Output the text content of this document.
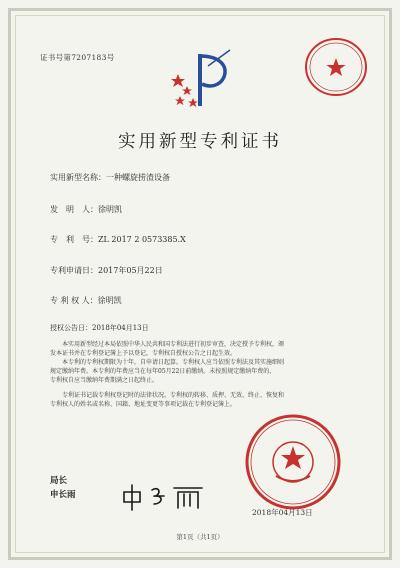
证书号第7207183号
实用新型专利证书
实用新型名称：一种螺旋捞渣设备
发　明　人：徐明凯
专　利　号：ZL 2017 2 0573385.X
专利申请日：2017年05月22日
专 利 权 人：徐明凯
授权公告日：2018年04月13日
本实用新型经过本局依照中华人民共和国专利法进行初步审查，决定授予专利权，颁
发本证书并在专利登记簿上予以登记，专利权自授权公告之日起生效。
本专利的专利权期限为十年，自申请日起算。专利权人应当依照专利法及其实施细则
规定缴纳年费。本专利的年费应当在每年05月22日前缴纳。未按照规定缴纳年费的，
专利权自应当缴纳年费期满之日起终止。
专利证书记载专利权登记时的法律状况。专利权的转移、质押、无效、终止、恢复和
专利权人的姓名或名称、国籍、地址变更等事项记载在专利登记簿上。
局长
申长雨
2018年04月13日
第1页（共1页）
